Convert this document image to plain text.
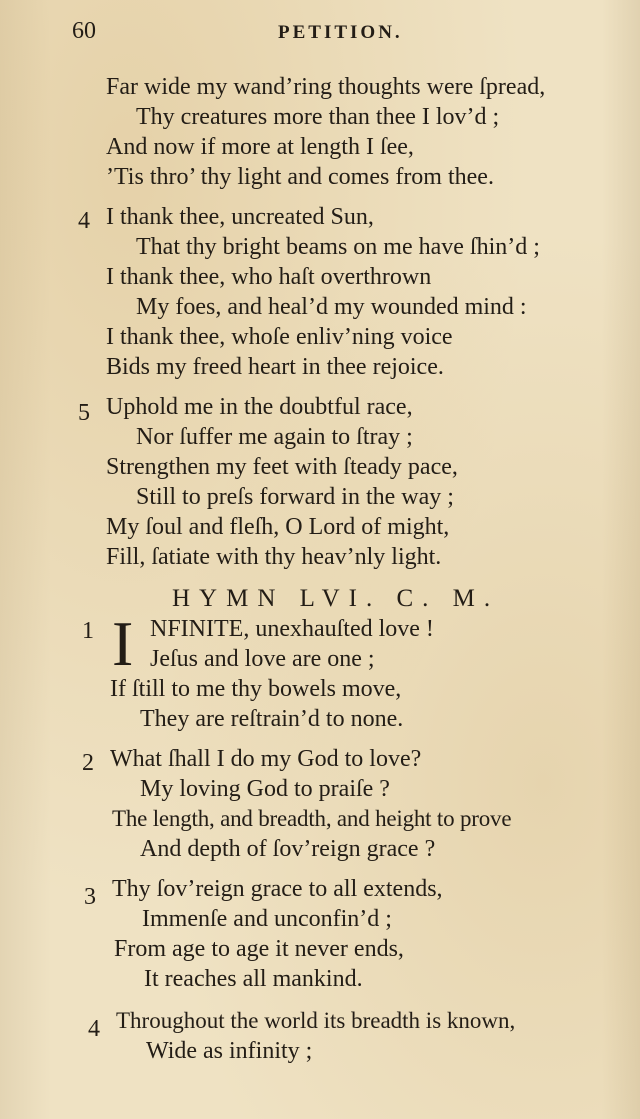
60	PETITION.
Far wide my wand’ring thoughts were ſpread,
Thy creatures more than thee I lov’d ;
And now if more at length I ſee,
’Tis thro’ thy light and comes from thee.
4 I thank thee, uncreated Sun,
That thy bright beams on me have ſhin’d ;
I thank thee, who haſt overthrown
My foes, and heal’d my wounded mind :
I thank thee, whoſe enliv’ning voice
Bids my freed heart in thee rejoice.
5 Uphold me in the doubtful race,
Nor ſuffer me again to ſtray ;
Strengthen my feet with ſteady pace,
Still to preſs forward in the way ;
My ſoul and fleſh, O Lord of might,
Fill, ſatiate with thy heav’nly light.
HYMN LVI. C. M.
1 I NFINITE, unexhauſted love !
Jeſus and love are one ;
If ſtill to me thy bowels move,
They are reſtrain’d to none.
2 What ſhall I do my God to love?
My loving God to praiſe ?
The length, and breadth, and height to prove
And depth of ſov’reign grace ?
3 Thy ſov’reign grace to all extends,
Immenſe and unconfin’d ;
From age to age it never ends,
It reaches all mankind.
4 Throughout the world its breadth is known,
Wide as infinity ;
